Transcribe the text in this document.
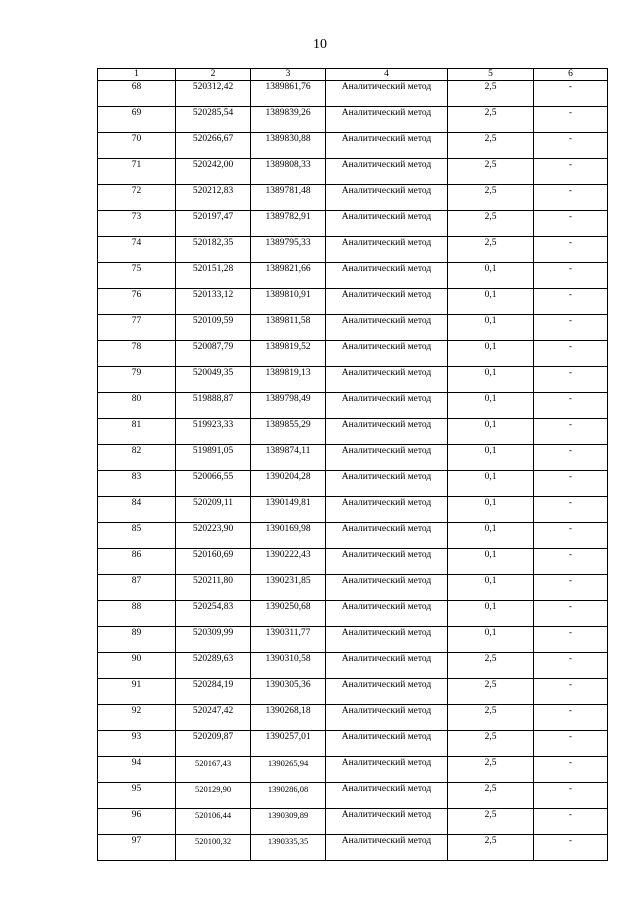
10
1	2	3	4	5	6
68	520312,42	1389861,76	Аналитический метод	2,5	-
69	520285,54	1389839,26	Аналитический метод	2,5	-
70	520266,67	1389830,88	Аналитический метод	2,5	-
71	520242,00	1389808,33	Аналитический метод	2,5	-
72	520212,83	1389781,48	Аналитический метод	2,5	-
73	520197,47	1389782,91	Аналитический метод	2,5	-
74	520182,35	1389795,33	Аналитический метод	2,5	-
75	520151,28	1389821,66	Аналитический метод	0,1	-
76	520133,12	1389810,91	Аналитический метод	0,1	-
77	520109,59	1389811,58	Аналитический метод	0,1	-
78	520087,79	1389819,52	Аналитический метод	0,1	-
79	520049,35	1389819,13	Аналитический метод	0,1	-
80	519888,87	1389798,49	Аналитический метод	0,1	-
81	519923,33	1389855,29	Аналитический метод	0,1	-
82	519891,05	1389874,11	Аналитический метод	0,1	-
83	520066,55	1390204,28	Аналитический метод	0,1	-
84	520209,11	1390149,81	Аналитический метод	0,1	-
85	520223,90	1390169,98	Аналитический метод	0,1	-
86	520160,69	1390222,43	Аналитический метод	0,1	-
87	520211,80	1390231,85	Аналитический метод	0,1	-
88	520254,83	1390250,68	Аналитический метод	0,1	-
89	520309,99	1390311,77	Аналитический метод	0,1	-
90	520289,63	1390310,58	Аналитический метод	2,5	-
91	520284,19	1390305,36	Аналитический метод	2,5	-
92	520247,42	1390268,18	Аналитический метод	2,5	-
93	520209,87	1390257,01	Аналитический метод	2,5	-
94	520167,43	1390265,94	Аналитический метод	2,5	-
95	520129,90	1390286,08	Аналитический метод	2,5	-
96	520106,44	1390309,89	Аналитический метод	2,5	-
97	520100,32	1390335,35	Аналитический метод	2,5	-
